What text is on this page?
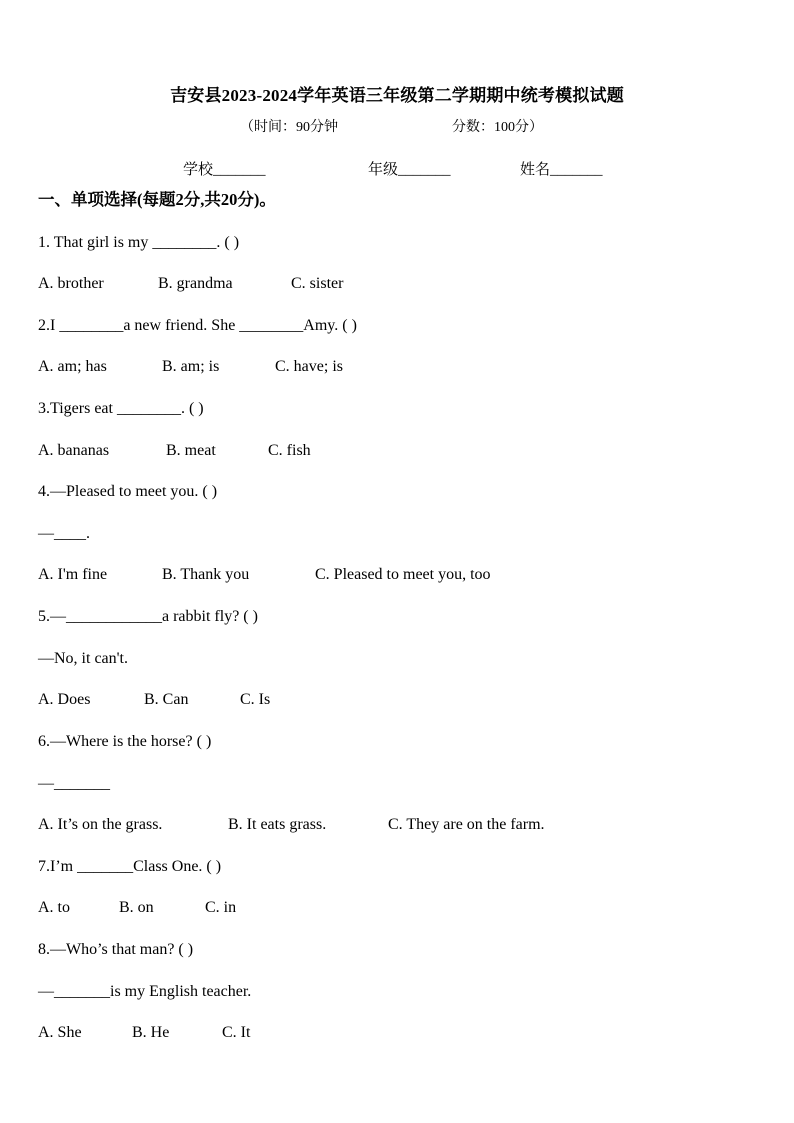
吉安县2023-2024学年英语三年级第二学期期中统考模拟试题
（时间：90分钟	分数：100分）
学校_______	年级_______	姓名_______
一、单项选择(每题2分,共20分)。
1. That girl is my ________. ( )
A. brother	B. grandma	C. sister
2.I ________a new friend. She ________Amy. ( )
A. am; has	B. am; is	C. have; is
3.Tigers eat ________. ( )
A. bananas	B. meat	C. fish
4.—Pleased to meet you. ( )
—____.
A. I'm fine	B. Thank you	C. Pleased to meet you, too
5.—____________a rabbit fly? ( )
—No, it can't.
A. Does	B. Can	C. Is
6.—Where is the horse? ( )
—_______
A. It’s on the grass.	B. It eats grass.	C. They are on the farm.
7.I’m _______Class One. ( )
A. to	B. on	C. in
8.—Who’s that man? ( )
—_______is my English teacher.
A. She	B. He	C. It
